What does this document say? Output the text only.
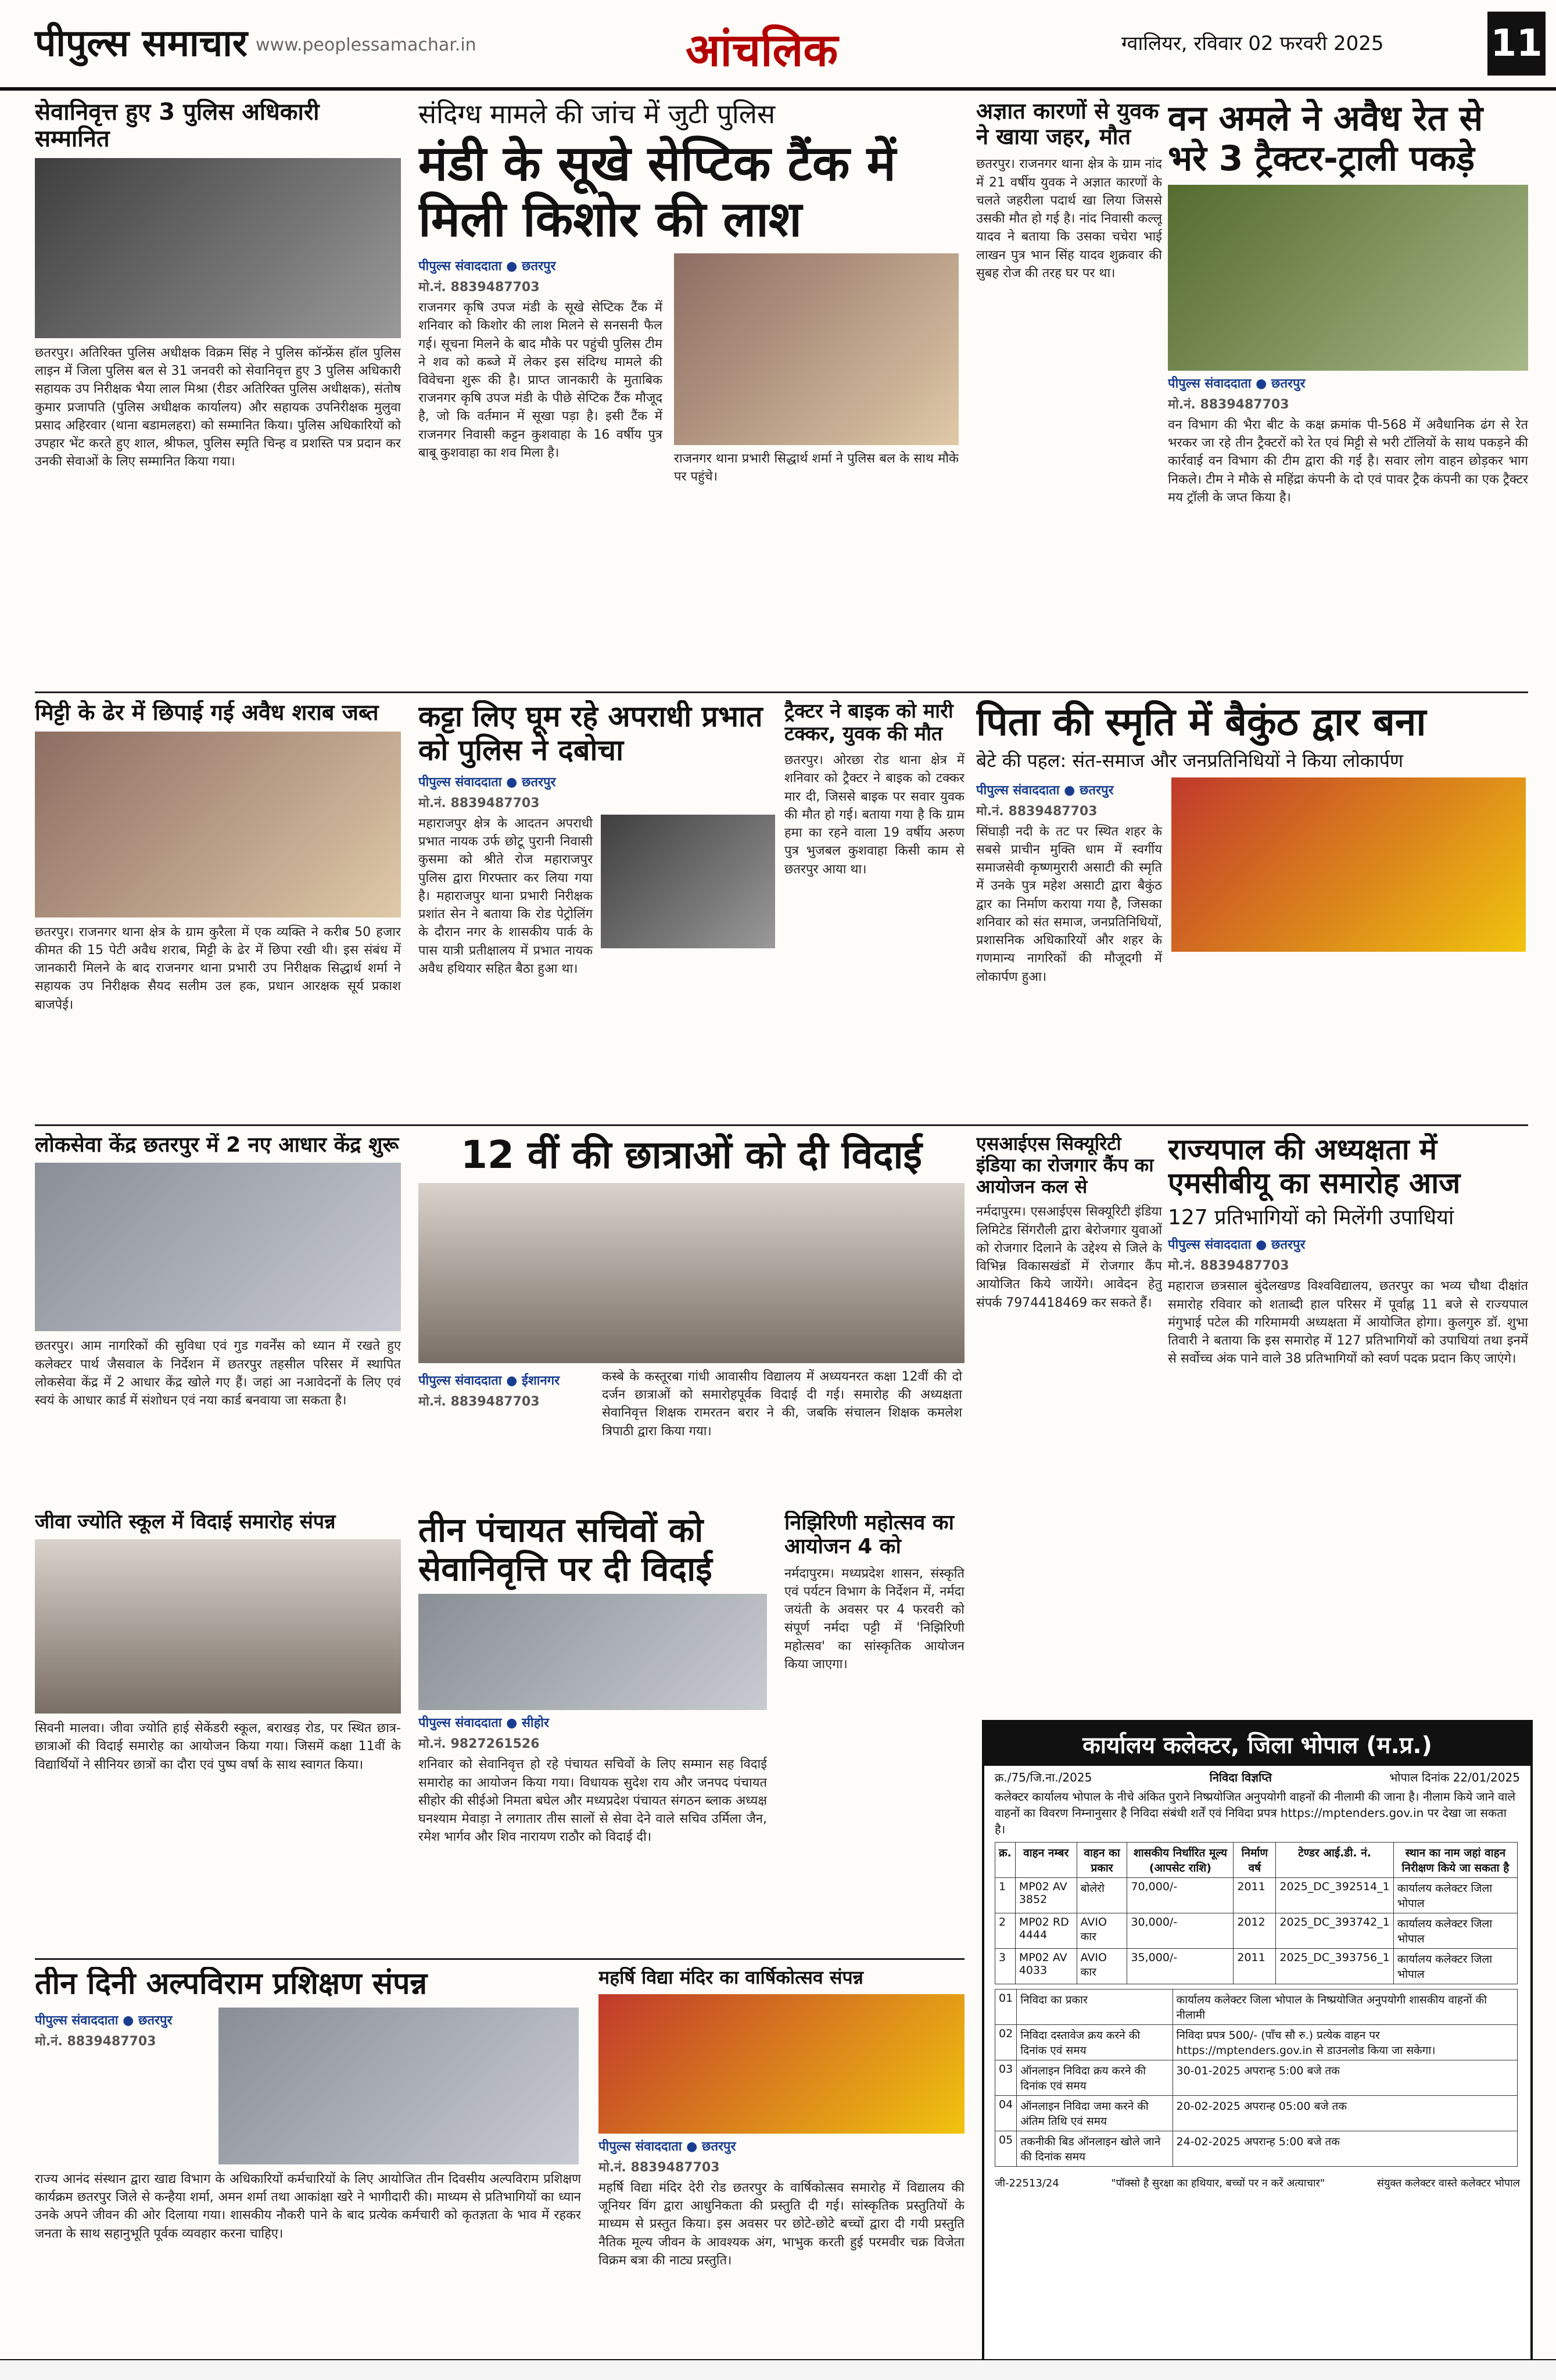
पीपुल्स समाचार www.peoplessamachar.in	आंचलिक	ग्वालियर, रविवार 02 फरवरी 2025	11
सेवानिवृत्त हुए 3 पुलिस अधिकारी सम्मानित
छतरपुर। अतिरिक्त पुलिस अधीक्षक विक्रम सिंह ने पुलिस कॉन्फ्रेंस हॉल पुलिस लाइन में जिला पुलिस बल से 31 जनवरी को सेवानिवृत्त हुए 3 पुलिस अधिकारी सहायक उप निरीक्षक भैया लाल मिश्रा (रीडर अतिरिक्त पुलिस अधीक्षक), संतोष कुमार प्रजापति (पुलिस अधीक्षक कार्यालय) और सहायक उपनिरीक्षक मुलुवा प्रसाद अहिरवार (थाना बडामलहरा) को सम्मानित किया। पुलिस अधिकारियों को उपहार भेंट करते हुए शाल, श्रीफल, पुलिस स्मृति चिन्ह व प्रशस्ति पत्र प्रदान कर उनकी सेवाओं के लिए सम्मानित किया गया।
संदिग्ध मामले की जांच में जुटी पुलिस
मंडी के सूखे सेप्टिक टैंक में मिली किशोर की लाश
पीपुल्स संवाददाता ● छतरपुर
मो.नं. 8839487703
राजनगर कृषि उपज मंडी के सूखे सेप्टिक टैंक में शनिवार को किशोर की लाश मिलने से सनसनी फैल गई। सूचना मिलने के बाद मौके पर पहुंची पुलिस टीम ने शव को कब्जे में लेकर इस संदिग्ध मामले की विवेचना शुरू की है। प्राप्त जानकारी के मुताबिक राजनगर कृषि उपज मंडी के पीछे सेप्टिक टैंक मौजूद है, जो कि वर्तमान में सूखा पड़ा है। इसी टैंक में राजनगर निवासी कट्टन कुशवाहा के 16 वर्षीय पुत्र बाबू कुशवाहा का शव मिला है।	राजनगर थाना प्रभारी सिद्धार्थ शर्मा ने पुलिस बल के साथ मौके पर पहुंचे।
अज्ञात कारणों से युवक ने खाया जहर, मौत
छतरपुर। राजनगर थाना क्षेत्र के ग्राम नांद में 21 वर्षीय युवक ने अज्ञात कारणों के चलते जहरीला पदार्थ खा लिया जिससे उसकी मौत हो गई है। नांद निवासी कल्लू यादव ने बताया कि उसका चचेरा भाई लाखन पुत्र भान सिंह यादव शुक्रवार की सुबह रोज की तरह घर पर था।
वन अमले ने अवैध रेत से भरे 3 ट्रैक्टर-ट्राली पकड़े
पीपुल्स संवाददाता ● छतरपुर
मो.नं. 8839487703
वन विभाग की भैरा बीट के कक्ष क्रमांक पी-568 में अवैधानिक ढंग से रेत भरकर जा रहे तीन ट्रैक्टरों को रेत एवं मिट्टी से भरी टॉलियों के साथ पकड़ने की कार्रवाई वन विभाग की टीम द्वारा की गई है। सवार लोग वाहन छोड़कर भाग निकले। टीम ने मौके से महिंद्रा कंपनी के दो एवं पावर ट्रैक कंपनी का एक ट्रैक्टर मय ट्रॉली के जप्त किया है।
मिट्टी के ढेर में छिपाई गई अवैध शराब जब्त
छतरपुर। राजनगर थाना क्षेत्र के ग्राम कुरैला में एक व्यक्ति ने करीब 50 हजार कीमत की 15 पेटी अवैध शराब, मिट्टी के ढेर में छिपा रखी थी। इस संबंध में जानकारी मिलने के बाद राजनगर थाना प्रभारी उप निरीक्षक सिद्धार्थ शर्मा ने सहायक उप निरीक्षक सैयद सलीम उल हक, प्रधान आरक्षक सूर्य प्रकाश बाजपेई।
कट्टा लिए घूम रहे अपराधी प्रभात को पुलिस ने दबोचा
पीपुल्स संवाददाता ● छतरपुर
मो.नं. 8839487703
महाराजपुर क्षेत्र के आदतन अपराधी प्रभात नायक उर्फ छोटू पुरानी निवासी कुसमा को श्रीते रोज महाराजपुर पुलिस द्वारा गिरफ्तार कर लिया गया है। महाराजपुर थाना प्रभारी निरीक्षक प्रशांत सेन ने बताया कि रोड पेट्रोलिंग के दौरान नगर के शासकीय पार्क के पास यात्री प्रतीक्षालय में प्रभात नायक अवैध हथियार सहित बैठा हुआ था।
ट्रैक्टर ने बाइक को मारी टक्कर, युवक की मौत
छतरपुर। ओरछा रोड थाना क्षेत्र में शनिवार को ट्रैक्टर ने बाइक को टक्कर मार दी, जिससे बाइक पर सवार युवक की मौत हो गई। बताया गया है कि ग्राम हमा का रहने वाला 19 वर्षीय अरुण पुत्र भुजबल कुशवाहा किसी काम से छतरपुर आया था।
पिता की स्मृति में बैकुंठ द्वार बना
बेटे की पहल: संत-समाज और जनप्रतिनिधियों ने किया लोकार्पण
पीपुल्स संवाददाता ● छतरपुर
मो.नं. 8839487703
सिंघाड़ी नदी के तट पर स्थित शहर के सबसे प्राचीन मुक्ति धाम में स्वर्गीय समाजसेवी कृष्णमुरारी असाटी की स्मृति में उनके पुत्र महेश असाटी द्वारा बैकुंठ द्वार का निर्माण कराया गया है, जिसका शनिवार को संत समाज, जनप्रतिनिधियों, प्रशासनिक अधिकारियों और शहर के गणमान्य नागरिकों की मौजूदगी में लोकार्पण हुआ।
लोकसेवा केंद्र छतरपुर में 2 नए आधार केंद्र शुरू
छतरपुर। आम नागरिकों की सुविधा एवं गुड गवर्नेंस को ध्यान में रखते हुए कलेक्टर पार्थ जैसवाल के निर्देशन में छतरपुर तहसील परिसर में स्थापित लोकसेवा केंद्र में 2 आधार केंद्र खोले गए हैं। जहां आ नआवेदनों के लिए एवं स्वयं के आधार कार्ड में संशोधन एवं नया कार्ड बनवाया जा सकता है।
12 वीं की छात्राओं को दी विदाई
पीपुल्स संवाददाता ● ईशानगर
मो.नं. 8839487703
कस्बे के कस्तूरबा गांधी आवासीय विद्यालय में अध्ययनरत कक्षा 12वीं की दो दर्जन छात्राओं को समारोहपूर्वक विदाई दी गई। समारोह की अध्यक्षता सेवानिवृत्त शिक्षक रामरतन बरार ने की, जबकि संचालन शिक्षक कमलेश त्रिपाठी द्वारा किया गया।
एसआईएस सिक्यूरिटी इंडिया का रोजगार कैंप का आयोजन कल से
नर्मदापुरम। एसआईएस सिक्यूरिटी इंडिया लिमिटेड सिंगरौली द्वारा बेरोजगार युवाओं को रोजगार दिलाने के उद्देश्य से जिले के विभिन्न विकासखंडों में रोजगार कैंप आयोजित किये जायेंगे। आवेदन हेतु संपर्क 7974418469 कर सकते हैं।
राज्यपाल की अध्यक्षता में एमसीबीयू का समारोह आज
127 प्रतिभागियों को मिलेंगी उपाधियां
पीपुल्स संवाददाता ● छतरपुर
मो.नं. 8839487703
महाराज छत्रसाल बुंदेलखण्ड विश्वविद्यालय, छतरपुर का भव्य चौथा दीक्षांत समारोह रविवार को शताब्दी हाल परिसर में पूर्वाह्न 11 बजे से राज्यपाल मंगुभाई पटेल की गरिमामयी अध्यक्षता में आयोजित होगा। कुलगुरु डॉ. शुभा तिवारी ने बताया कि इस समारोह में 127 प्रतिभागियों को उपाधियां तथा इनमें से सर्वोच्च अंक पाने वाले 38 प्रतिभागियों को स्वर्ण पदक प्रदान किए जाएंगे।
जीवा ज्योति स्कूल में विदाई समारोह संपन्न
सिवनी मालवा। जीवा ज्योति हाई सेकेंडरी स्कूल, बराखड़ रोड, पर स्थित छात्र-छात्राओं की विदाई समारोह का आयोजन किया गया। जिसमें कक्षा 11वीं के विद्यार्थियों ने सीनियर छात्रों का दौरा एवं पुष्प वर्षा के साथ स्वागत किया।
तीन पंचायत सचिवों को सेवानिवृत्ति पर दी विदाई
पीपुल्स संवाददाता ● सीहोर
मो.नं. 9827261526
शनिवार को सेवानिवृत्त हो रहे पंचायत सचिवों के लिए सम्मान सह विदाई समारोह का आयोजन किया गया। विधायक सुदेश राय और जनपद पंचायत सीहोर की सीईओ निमता बघेल और मध्यप्रदेश पंचायत संगठन ब्लाक अध्यक्ष घनश्याम मेवाड़ा ने लगातार तीस सालों से सेवा देने वाले सचिव उर्मिला जैन, रमेश भार्गव और शिव नारायण राठौर को विदाई दी।
निझिरिणी महोत्सव का आयोजन 4 को
नर्मदापुरम। मध्यप्रदेश शासन, संस्कृति एवं पर्यटन विभाग के निर्देशन में, नर्मदा जयंती के अवसर पर 4 फरवरी को संपूर्ण नर्मदा पट्टी में 'निझिरिणी महोत्सव' का सांस्कृतिक आयोजन किया जाएगा।
तीन दिनी अल्पविराम प्रशिक्षण संपन्न
पीपुल्स संवाददाता ● छतरपुर
मो.नं. 8839487703
राज्य आनंद संस्थान द्वारा खाद्य विभाग के अधिकारियों कर्मचारियों के लिए आयोजित तीन दिवसीय अल्पविराम प्रशिक्षण कार्यक्रम छतरपुर जिले से कन्हैया शर्मा, अमन शर्मा तथा आकांक्षा खरे ने भागीदारी की। माध्यम से प्रतिभागियों का ध्यान उनके अपने जीवन की ओर दिलाया गया। शासकीय नौकरी पाने के बाद प्रत्येक कर्मचारी को कृतज्ञता के भाव में रहकर जनता के साथ सहानुभूति पूर्वक व्यवहार करना चाहिए।
महर्षि विद्या मंदिर का वार्षिकोत्सव संपन्न
पीपुल्स संवाददाता ● छतरपुर
मो.नं. 8839487703
महर्षि विद्या मंदिर देरी रोड छतरपुर के वार्षिकोत्सव समारोह में विद्यालय की जूनियर विंग द्वारा आधुनिकता की प्रस्तुति दी गई। सांस्कृतिक प्रस्तुतियों के माध्यम से प्रस्तुत किया। इस अवसर पर छोटे-छोटे बच्चों द्वारा दी गयी प्रस्तुति नैतिक मूल्य जीवन के आवश्यक अंग, भाभुक करती हुई परमवीर चक्र विजेता विक्रम बत्रा की नाट्य प्रस्तुति।
कार्यालय कलेक्टर, जिला भोपाल (म.प्र.)
क्र./75/जि.ना./2025	निविदा विज्ञप्ति	भोपाल दिनांक 22/01/2025
कलेक्टर कार्यालय भोपाल के नीचे अंकित पुराने निष्प्रयोजित अनुपयोगी वाहनों की नीलामी की जाना है। नीलाम किये जाने वाले वाहनों का विवरण निम्नानुसार है निविदा संबंधी शर्तें एवं निविदा प्रपत्र https://mptenders.gov.in पर देखा जा सकता है।
क्र.	वाहन नम्बर	वाहन का प्रकार	शासकीय निर्धारित मूल्य (आपसेट राशि)	निर्माण वर्ष	टेण्डर आई.डी. नं.	स्थान का नाम जहां वाहन निरीक्षण किये जा सकता है
1	MP02 AV 3852	बोलेरो	70,000/-	2011	2025_DC_392514_1	कार्यालय कलेक्टर जिला भोपाल
2	MP02 RD 4444	AVIO कार	30,000/-	2012	2025_DC_393742_1	कार्यालय कलेक्टर जिला भोपाल
3	MP02 AV 4033	AVIO कार	35,000/-	2011	2025_DC_393756_1	कार्यालय कलेक्टर जिला भोपाल
01	निविदा का प्रकार	कार्यालय कलेक्टर जिला भोपाल के निष्प्रयोजित अनुपयोगी शासकीय वाहनों की नीलामी
02	निविदा दस्तावेज क्रय करने की दिनांक एवं समय	निविदा प्रपत्र 500/- (पाँच सौ रु.) प्रत्येक वाहन पर https://mptenders.gov.in से डाउनलोड किया जा सकेगा।
03	ऑनलाइन निविदा क्रय करने की दिनांक एवं समय	30-01-2025 अपरान्ह 5:00 बजे तक
04	ऑनलाइन निविदा जमा करने की अंतिम तिथि एवं समय	20-02-2025 अपरान्ह 05:00 बजे तक
05	तकनीकी बिड ऑनलाइन खोले जाने की दिनांक समय	24-02-2025 अपरान्ह 5:00 बजे तक
जी-22513/24	"पॉक्सो है सुरक्षा का हथियार, बच्चों पर न करें अत्याचार"	संयुक्त कलेक्टर वास्ते कलेक्टर भोपाल
